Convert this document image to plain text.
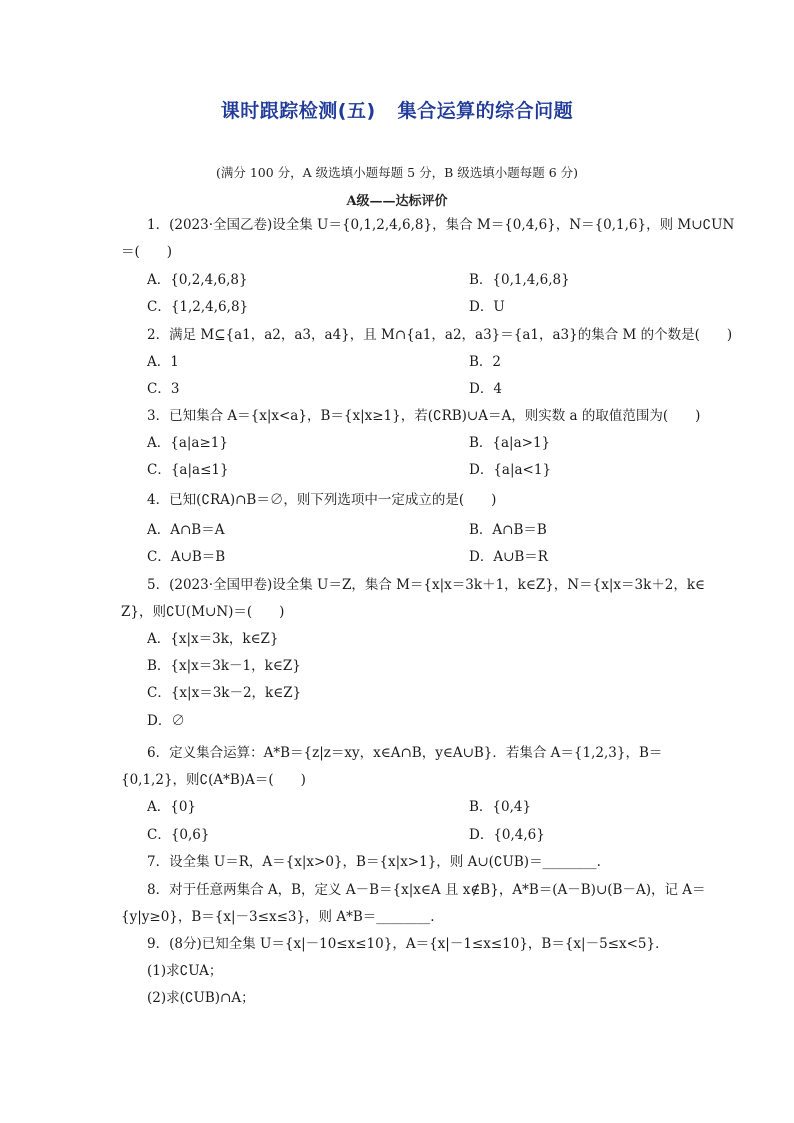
课时跟踪检测(五) 集合运算的综合问题
(满分 100 分，A 级选填小题每题 5 分，B 级选填小题每题 6 分)
A级——达标评价
1．(2023·全国乙卷)设全集 U＝{0,1,2,4,6,8}，集合 M＝{0,4,6}，N＝{0,1,6}，则 M∪∁UN
＝(　　)
A．{0,2,4,6,8}	B．{0,1,4,6,8}
C．{1,2,4,6,8}	D．U
2．满足 M⊆{a1，a2，a3，a4}，且 M∩{a1，a2，a3}＝{a1，a3}的集合 M 的个数是(　　)
A．1	B．2
C．3	D．4
3．已知集合 A＝{x|x<a}，B＝{x|x≥1}，若(∁RB)∪A＝A，则实数 a 的取值范围为(　　)
A．{a|a≥1}	B．{a|a>1}
C．{a|a≤1}	D．{a|a<1}
4．已知(∁RA)∩B＝∅，则下列选项中一定成立的是(　　)
A．A∩B＝A	B．A∩B＝B
C．A∪B＝B	D．A∪B＝R
5．(2023·全国甲卷)设全集 U＝Z，集合 M＝{x|x＝3k＋1，k∈Z}，N＝{x|x＝3k＋2，k∈
Z}，则∁U(M∪N)＝(　　)
A．{x|x＝3k，k∈Z}
B．{x|x＝3k－1，k∈Z}
C．{x|x＝3k－2，k∈Z}
D．∅
6．定义集合运算：A*B＝{z|z＝xy，x∈A∩B，y∈A∪B}．若集合 A＝{1,2,3}，B＝
{0,1,2}，则∁(A*B)A＝(　　)
A．{0}	B．{0,4}
C．{0,6}	D．{0,4,6}
7．设全集 U＝R，A＝{x|x>0}，B＝{x|x>1}，则 A∪(∁UB)＝________.
8．对于任意两集合 A，B，定义 A－B＝{x|x∈A 且 x∉B}，A*B＝(A－B)∪(B－A)，记 A＝
{y|y≥0}，B＝{x|－3≤x≤3}，则 A*B＝________.
9．(8分)已知全集 U＝{x|－10≤x≤10}，A＝{x|－1≤x≤10}，B＝{x|－5≤x<5}．
(1)求∁UA；
(2)求(∁UB)∩A；
